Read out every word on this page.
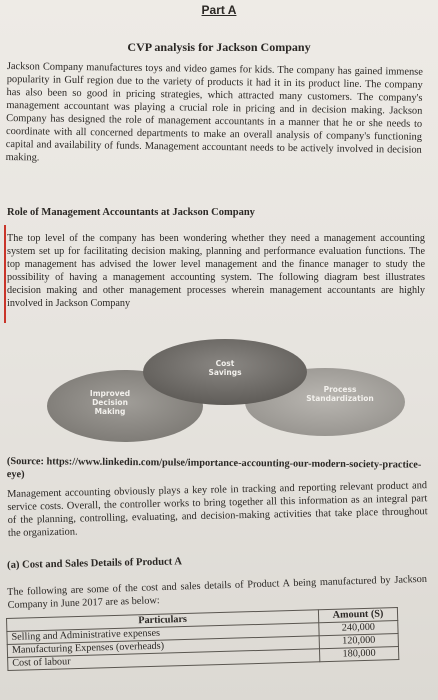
Part A
CVP analysis for Jackson Company

Jackson Company manufactures toys and video games for kids. The company has gained immense popularity in Gulf region due to the variety of products it had it in its product line. The company has also been so good in pricing strategies, which attracted many customers. The company's management accountant was playing a crucial role in pricing and in decision making. Jackson Company has designed the role of management accountants in a manner that he or she needs to coordinate with all concerned departments to make an overall analysis of company's functioning capital and availability of funds. Management accountant needs to be actively involved in decision making.

Role of Management Accountants at Jackson Company

The top level of the company has been wondering whether they need a management accounting system set up for facilitating decision making, planning and performance evaluation functions. The top management has advised the lower level management and the finance manager to study the possibility of having a management accounting system. The following diagram best illustrates decision making and other management processes wherein management accountants are highly involved in Jackson Company

Cost
Savings
Improved
Decision
Making
Process
Standardization
(Source: https://www.linkedin.com/pulse/importance-accounting-our-modern-society-practice-eye)

Management accounting obviously plays a key role in tracking and reporting relevant product and service costs. Overall, the controller works to bring together all this information as an integral part of the planning, controlling, evaluating, and decision-making activities that take place throughout the organization.

(a) Cost and Sales Details of Product A

The following are some of the cost and sales details of Product A being manufactured by Jackson Company in June 2017 are as below:

Particulars	Amount (S)
Selling and Administrative expenses	240,000
Manufacturing Expenses (overheads)	120,000
Cost of labour	180,000
